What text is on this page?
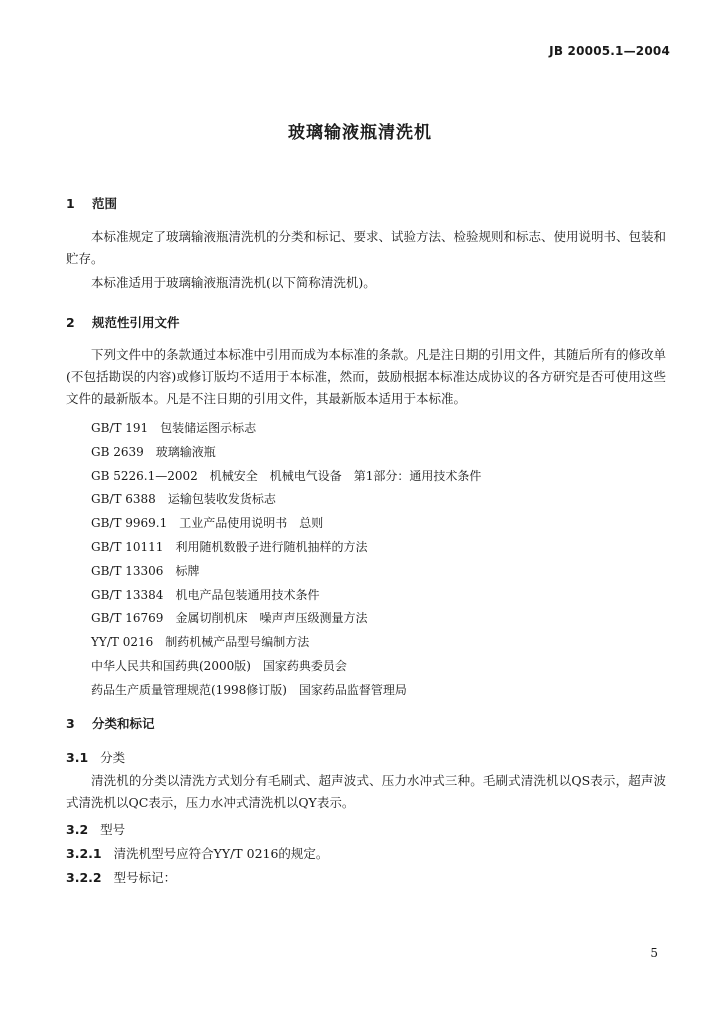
JB 20005.1—2004
玻璃输液瓶清洗机
1 范围
本标准规定了玻璃输液瓶清洗机的分类和标记、要求、试验方法、检验规则和标志、使用说明书、包装和贮存。
本标准适用于玻璃输液瓶清洗机(以下简称清洗机)。
2 规范性引用文件
下列文件中的条款通过本标准中引用而成为本标准的条款。凡是注日期的引用文件，其随后所有的修改单(不包括勘误的内容)或修订版均不适用于本标准，然而，鼓励根据本标准达成协议的各方研究是否可使用这些文件的最新版本。凡是不注日期的引用文件，其最新版本适用于本标准。
GB/T 191 包装储运图示标志
GB 2639 玻璃输液瓶
GB 5226.1—2002 机械安全　机械电气设备　第1部分：通用技术条件
GB/T 6388 运输包装收发货标志
GB/T 9969.1 工业产品使用说明书　总则
GB/T 10111 利用随机数骰子进行随机抽样的方法
GB/T 13306 标牌
GB/T 13384 机电产品包装通用技术条件
GB/T 16769 金属切削机床　噪声声压级测量方法
YY/T 0216 制药机械产品型号编制方法
中华人民共和国药典(2000版) 国家药典委员会
药品生产质量管理规范(1998修订版) 国家药品监督管理局
3 分类和标记
3.1 分类
清洗机的分类以清洗方式划分有毛刷式、超声波式、压力水冲式三种。毛刷式清洗机以QS表示，超声波式清洗机以QC表示，压力水冲式清洗机以QY表示。
3.2 型号
3.2.1 清洗机型号应符合YY/T 0216的规定。
3.2.2 型号标记：
5
